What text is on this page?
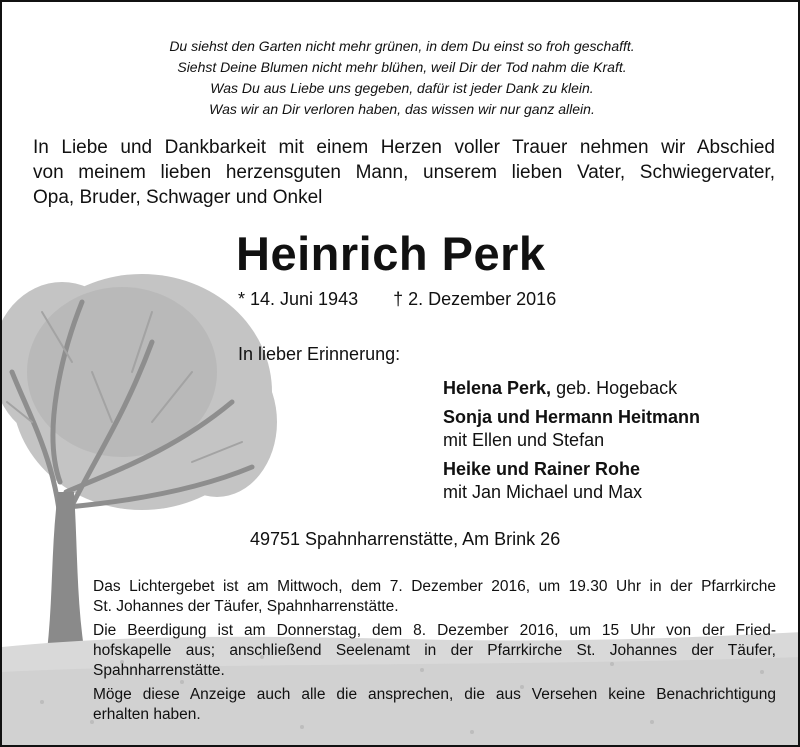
Du siehst den Garten nicht mehr grünen, in dem Du einst so froh geschafft.
Siehst Deine Blumen nicht mehr blühen, weil Dir der Tod nahm die Kraft.
Was Du aus Liebe uns gegeben, dafür ist jeder Dank zu klein.
Was wir an Dir verloren haben, das wissen wir nur ganz allein.
In Liebe und Dankbarkeit mit einem Herzen voller Trauer nehmen wir Abschied
von meinem lieben herzensguten Mann, unserem lieben Vater, Schwiegervater,
Opa, Bruder, Schwager und Onkel
Heinrich Perk
* 14. Juni 1943 † 2. Dezember 2016
In lieber Erinnerung:
Helena Perk, geb. Hogeback
Sonja und Hermann Heitmann
mit Ellen und Stefan
Heike und Rainer Rohe
mit Jan Michael und Max
49751 Spahnharrenstätte, Am Brink 26
Das Lichtergebet ist am Mittwoch, dem 7. Dezember 2016, um 19.30 Uhr in der Pfarrkirche
St. Johannes der Täufer, Spahnharrenstätte.
Die Beerdigung ist am Donnerstag, dem 8. Dezember 2016, um 15 Uhr von der Fried-
hofskapelle aus; anschließend Seelenamt in der Pfarrkirche St. Johannes der Täufer,
Spahnharrenstätte.
Möge diese Anzeige auch alle die ansprechen, die aus Versehen keine Benachrichtigung
erhalten haben.
